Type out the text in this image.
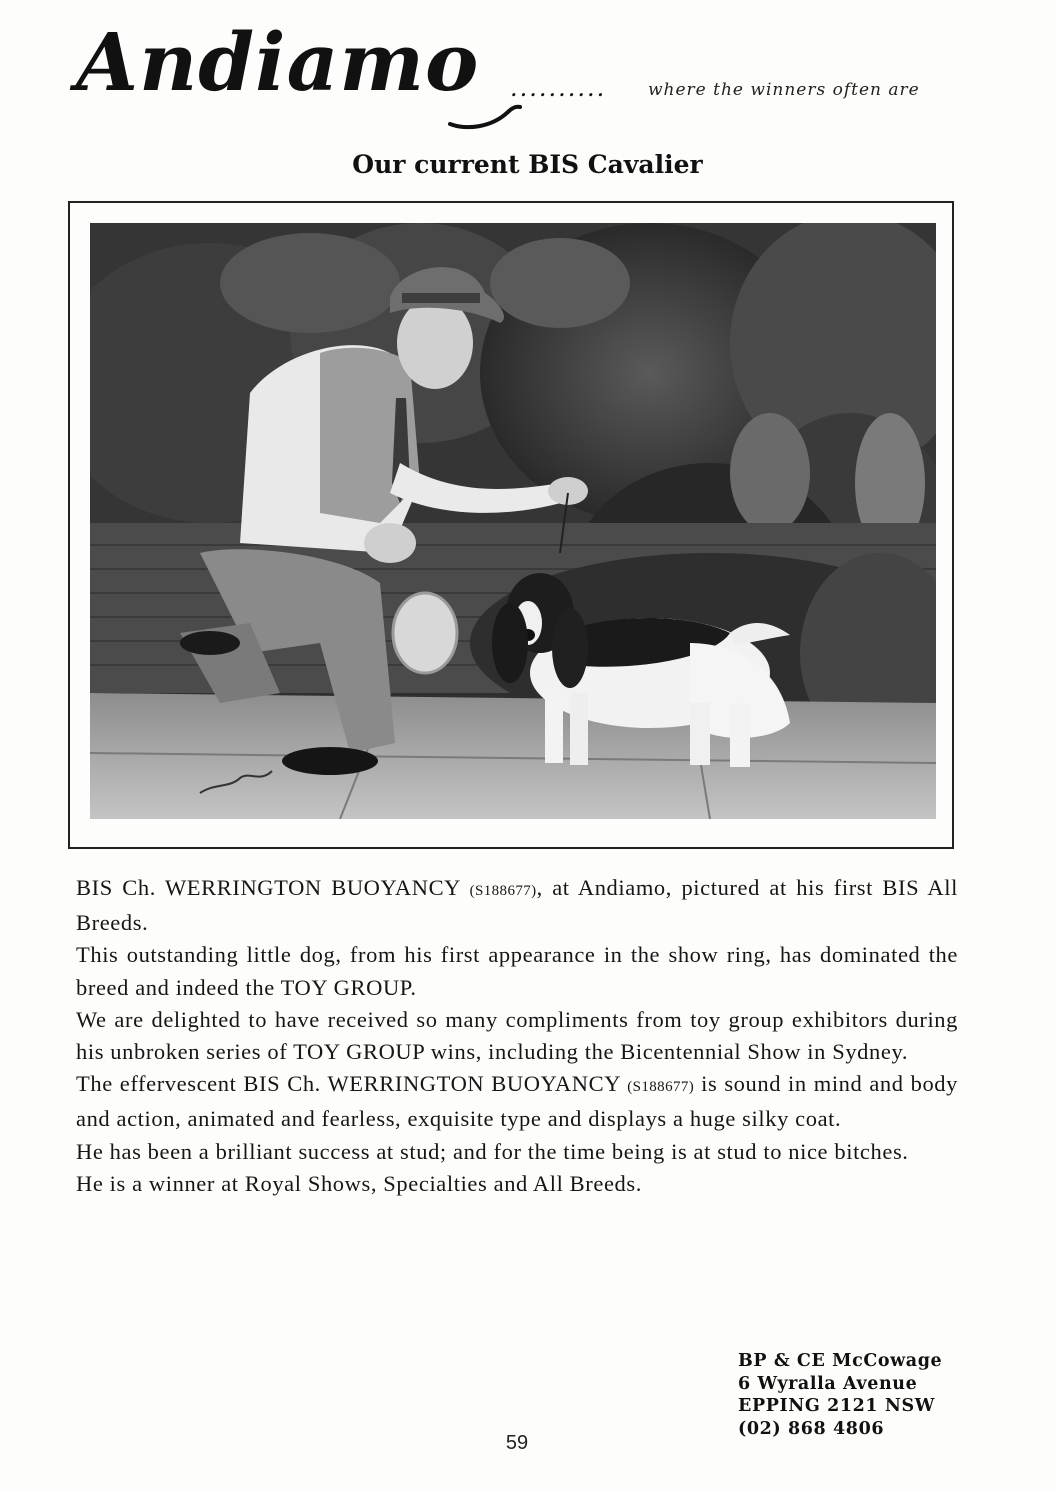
Andiamo .......... where the winners often are
Our current BIS Cavalier

BIS Ch. WERRINGTON BUOYANCY (S188677), at Andiamo, pictured at his first BIS All Breeds.

This outstanding little dog, from his first appearance in the show ring, has dominated the breed and indeed the TOY GROUP.

We are delighted to have received so many compliments from toy group exhibitors during his unbroken series of TOY GROUP wins, including the Bicentennial Show in Sydney.

The effervescent BIS Ch. WERRINGTON BUOYANCY (S188677) is sound in mind and body and action, animated and fearless, exquisite type and displays a huge silky coat.

He has been a brilliant success at stud; and for the time being is at stud to nice bitches.

He is a winner at Royal Shows, Specialties and All Breeds.

BP & CE McCowage
6 Wyralla Avenue
EPPING 2121 NSW
(02) 868 4806
59
